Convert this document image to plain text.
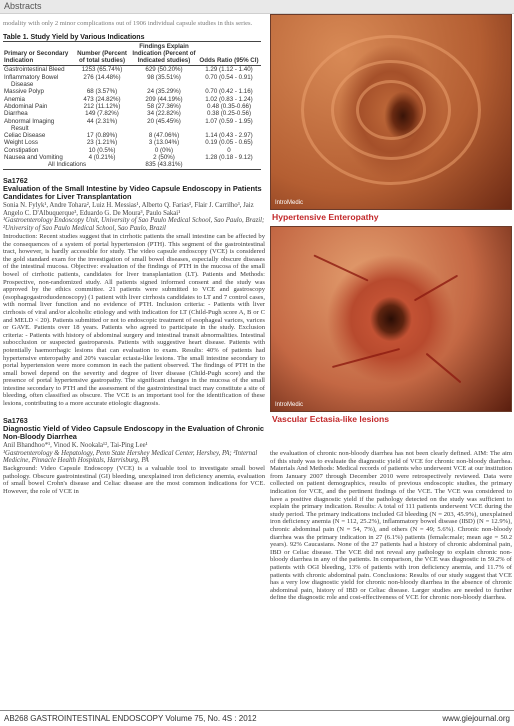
Abstracts

modality with only 2 minor complications out of 1906 individual capsule studies in this series.

Table 1. Study Yield by Various Indications
Primary or Secondary Indication	Number (Percent of total studies)	Findings Explain Indication (Percent of Indicated studies)	Odds Ratio (95% CI)
Gastrointestinal Bleed	1253 (65.74%)	629 (50.20%)	1.29 (1.12 - 1.40)
Inflammatory Bowel	276 (14.48%)	98 (35.51%)	0.70 (0.54 - 0.91)
Disease			
Massive Polyp	68 (3.57%)	24 (35.29%)	0.70 (0.42 - 1.16)
Anemia	473 (24.82%)	209 (44.19%)	1.02 (0.83 - 1.24)
Abdominal Pain	212 (11.12%)	58 (27.36%)	0.48 (0.35-0.66)
Diarrhea	149 (7.82%)	34 (22.82%)	0.38 (0.25-0.56)
Abnormal Imaging	44 (2.31%)	20 (45.45%)	1.07 (0.59 - 1.95)
Result			
Celiac Disease	17 (0.89%)	8 (47.06%)	1.14 (0.43 - 2.97)
Weight Loss	23 (1.21%)	3 (13.04%)	0.19 (0.05 - 0.65)
Constipation	10 (0.5%)	0 (0%)	0
Nausea and Vomiting	4 (0.21%)	2 (50%)	1.28 (0.18 - 9.12)
All Indications		835 (43.81%)	
Sa1762
Evaluation of the Small Intestine by Video Capsule Endoscopy in Patients Candidates for Liver Transplantation
Sonia N. Fylyk¹, Andre Tohara², Luiz H. Messias¹, Alberto Q. Farias³, Flair J. Carrilho³, Jaiz Angelo C. D'Albuquerque³, Eduardo G. De Moura³, Paulo Sakai¹
¹Gastroenterology Endoscopy Unit, University of Sao Paulo Medical School, Sao Paulo, Brazil; ²University of Sao Paulo Medical School, Sao Paulo, Brazil

Introduction: Recent studies suggest that in cirrhotic patients the small intestine can be affected by the consequences of a system of portal hypertension (PTH). This segment of the gastrointestinal tract, however, is hardly accessible for study. The video capsule endoscopy (VCE) is considered the gold standard exam for the investigation of small bowel diseases, especially obscure diseases of the intestinal mucosa. Objective: evaluation of the findings of PTH in the mucosa of the small bowel of cirrhotic patients, candidates for liver transplantation (LT). Patients and Methods: Prospective, non-randomized study. All patients signed informed consent and the study was approved by the ethics committee. 21 patients were submitted to VCE and gastroscopy (esophagogastroduodenoscopy) (1 patient with liver cirrhosis candidates to LT and 7 control cases, with normal liver function and no evidence of PTH. Inclusion criteria: - Patients with liver cirrhosis of viral and/or alcoholic etiology and with indication for LT (Child-Pugh score A, B or C and MELD < 20). Patients submitted or not to endoscopic treatment of esophageal varices, varices or GAVE. Patients over 18 years. Patients who agreed to participate in the study. Exclusion criteria: - Patients with history of abdominal surgery and intestinal transit abnormalities. Intestinal subocclusion or suspected gastroparesis. Patients with suggestive heart disease. Patients with potentially haemorrhagic lesions that can evaluation to exam. Results: 40% of patients had hypertensive enteropathy and 20% vascular ectasia-like lesions. The small intestine secondary to portal hypertension were more common in each the patient observed. The findings of PTH in the small bowel depend on the severity and degree of liver disease (Child-Pugh score) and the presence of portal hypertensive gastropathy. The significant changes in the mucosa of the small intestine secondary to PTH and the assessment of the gastrointestinal tract may constitute a site of bleeding, often classified as obscure. The VCE is an important tool for the identification of these lesions, contributing to a more accurate etiologic diagnosis.

Sa1763
Diagnostic Yield of Video Capsule Endoscopy in the Evaluation of Chronic Non-Bloody Diarrhea
Anil Bhandhoo*¹, Vinod K. Nookala¹², Tai-Ping Lee¹
¹Gastroenterology & Hepatology, Penn State Hershey Medical Center, Hershey, PA; ²Internal Medicine, Pinnacle Health Hospitals, Harrisburg, PA

Background: Video Capsule Endoscopy (VCE) is a valuable tool to investigate small bowel pathology. Obscure gastrointestinal (GI) bleeding, unexplained iron deficiency anemia, evaluation of small bowel Crohn's disease and Celiac disease are the most common indications for VCE. However, the role of VCE in

IntroMedic
Hypertensive Enteropathy
IntroMedic
Vascular Ectasia-like lesions

the evaluation of chronic non-bloody diarrhea has not been clearly defined. AIM: The aim of this study was to evaluate the diagnostic yield of VCE for chronic non-bloody diarrhea. Materials And Methods: Medical records of patients who underwent VCE at our institution from January 2007 through December 2010 were retrospectively reviewed. Data were collected on patient demographics, results of previous endoscopic studies, the primary indication for VCE, and the pertinent findings of the VCE. The VCE was considered to have a positive diagnostic yield if the pathology detected on the study was sufficient to explain the primary indication. Results: A total of 111 patients underwent VCE during the study period. The primary indications included GI bleeding (N = 203, 45.9%), unexplained iron deficiency anemia (N = 112, 25.2%), inflammatory bowel disease (IBD) (N = 12.9%), chronic abdominal pain (N = 54, 7%), and others (N = 49; 5.6%). Chronic non-bloody diarrhea was the primary indication in 27 (6.1%) patients (female:male; mean age = 50.2 years). 92% Caucasians. None of the 27 patients had a history of chronic abdominal pain, IBD or Celiac disease. The VCE did not reveal any pathology to explain chronic non-bloody diarrhea in any of the patients. In comparison, the VCE was diagnostic in 59.2% of patients with OGI bleeding, 13% of patients with iron deficiency anemia, and 11.7% of patients with chronic abdominal pain. Conclusions: Results of our study suggest that VCE has a very low diagnostic yield for chronic non-bloody diarrhea in the absence of chronic abdominal pain, history of IBD or Celiac disease. Larger studies are needed to further define the diagnostic role and cost-effectiveness of VCE for chronic non-bloody diarrhea.

AB268 GASTROINTESTINAL ENDOSCOPY Volume 75, No. 4S : 2012	www.giejournal.org
